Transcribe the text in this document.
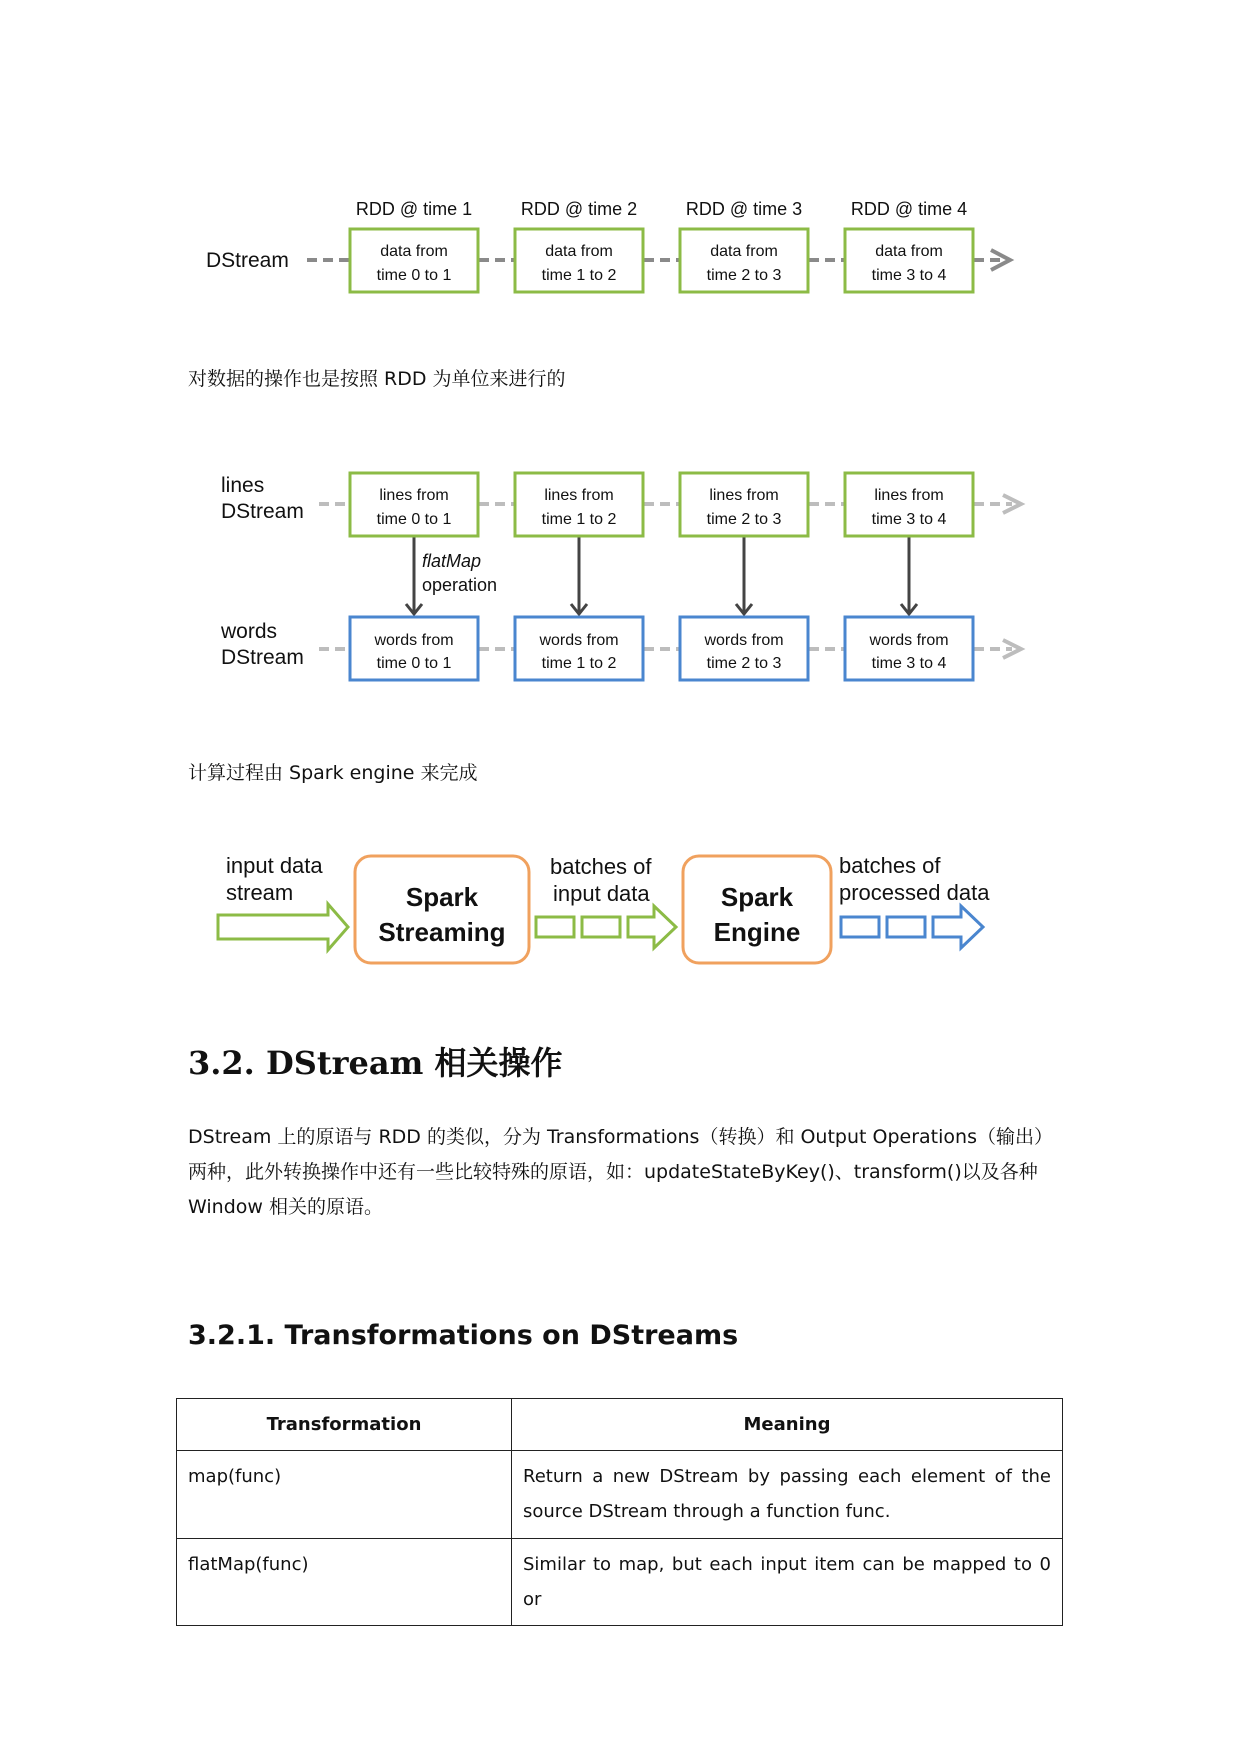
RDD @ time 1	RDD @ time 2	RDD @ time 3	RDD @ time 4
DStream	data from
time 0 to 1
data from
time 1 to 2
data from
time 2 to 3
data from
time 3 to 4
对数据的操作也是按照 RDD 为单位来进行的
lines
DStream
words
DStream
flatMap
operation
lines from
time 0 to 1
lines from
time 1 to 2
lines from
time 2 to 3
lines from
time 3 to 4
words from
time 0 to 1
words from
time 1 to 2
words from
time 2 to 3
words from
time 3 to 4
计算过程由 Spark engine 来完成
input data
stream	Spark
Streaming
batches of
input data	Spark
Engine
batches of
processed data
3.2. DStream 相关操作
DStream 上的原语与 RDD 的类似，分为 Transformations（转换）和 Output Operations（输出）两种，此外转换操作中还有一些比较特殊的原语，如：updateStateByKey()、transform()以及各种 Window 相关的原语。
3.2.1. Transformations on DStreams
Transformation	Meaning
map(func)	Return a new DStream by passing each element of the source DStream through a function func.
flatMap(func)	Similar to map, but each input item can be mapped to 0 or
